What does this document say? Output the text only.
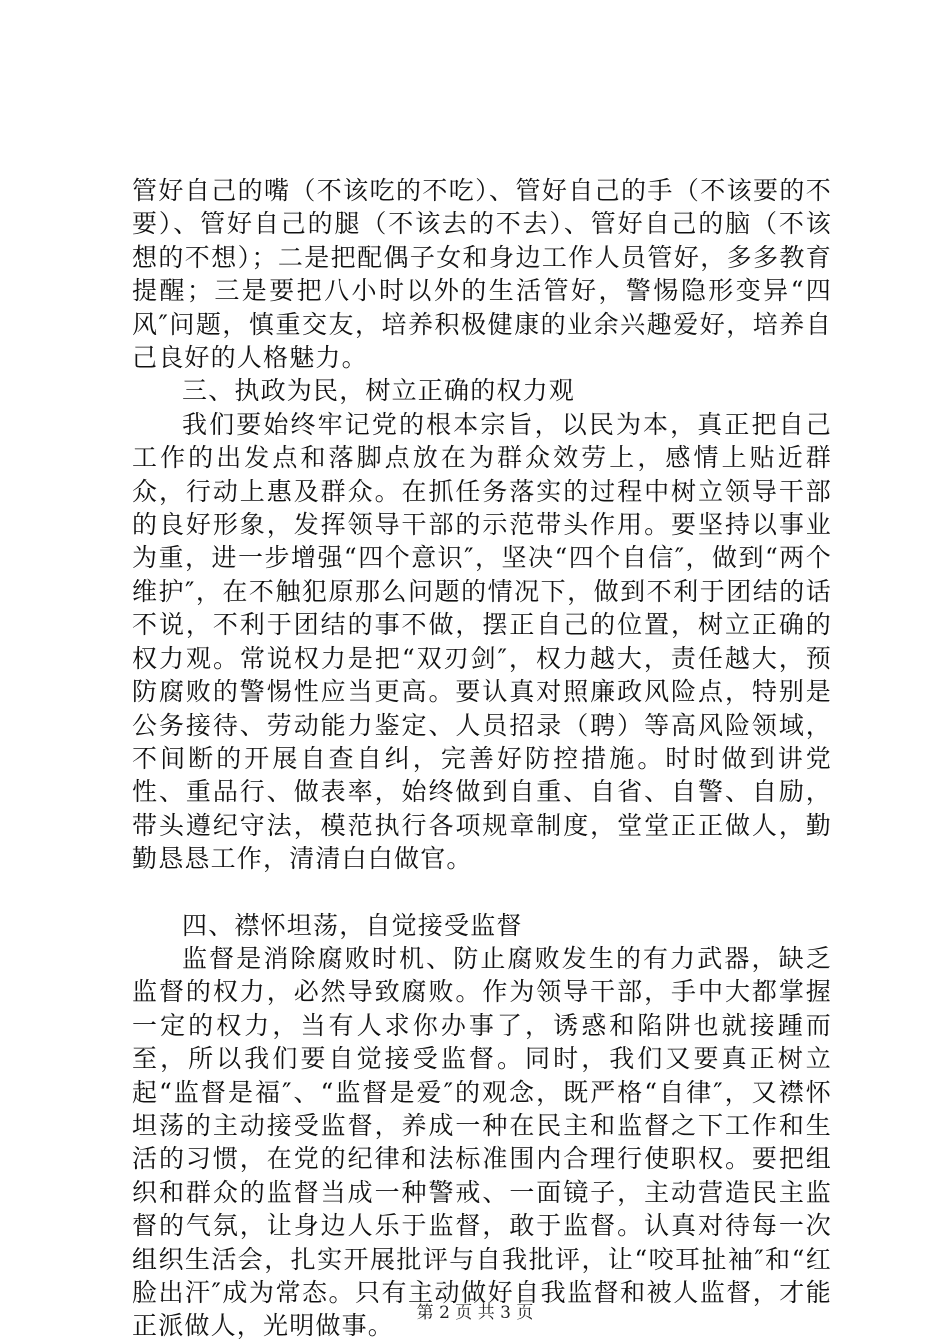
管好自己的嘴（不该吃的不吃）、管好自己的手（不该要的不要）、管好自己的腿（不该去的不去）、管好自己的脑（不该想的不想）；二是把配偶子女和身边工作人员管好，多多教育提醒；三是要把八小时以外的生活管好，警惕隐形变异“四风″问题，慎重交友，培养积极健康的业余兴趣爱好，培养自己良好的人格魅力。

三、执政为民，树立正确的权力观

我们要始终牢记党的根本宗旨，以民为本，真正把自己工作的出发点和落脚点放在为群众效劳上，感情上贴近群众，行动上惠及群众。在抓任务落实的过程中树立领导干部的良好形象，发挥领导干部的示范带头作用。要坚持以事业为重，进一步增强“四个意识″，坚决“四个自信″，做到“两个维护″，在不触犯原那么问题的情况下，做到不利于团结的话不说，不利于团结的事不做，摆正自己的位置，树立正确的权力观。常说权力是把“双刃剑″，权力越大，责任越大，预防腐败的警惕性应当更高。要认真对照廉政风险点，特别是公务接待、劳动能力鉴定、人员招录（聘）等高风险领域，不间断的开展自查自纠，完善好防控措施。时时做到讲党性、重品行、做表率，始终做到自重、自省、自警、自励，带头遵纪守法，模范执行各项规章制度，堂堂正正做人，勤勤恳恳工作，清清白白做官。

四、襟怀坦荡，自觉接受监督

监督是消除腐败时机、防止腐败发生的有力武器，缺乏监督的权力，必然导致腐败。作为领导干部，手中大都掌握一定的权力，当有人求你办事了，诱惑和陷阱也就接踵而至，所以我们要自觉接受监督。同时，我们又要真正树立起“监督是福″、“监督是爱″的观念，既严格“自律″，又襟怀坦荡的主动接受监督，养成一种在民主和监督之下工作和生活的习惯，在党的纪律和法标准围内合理行使职权。要把组织和群众的监督当成一种警戒、一面镜子，主动营造民主监督的气氛，让身边人乐于监督，敢于监督。认真对待每一次组织生活会，扎实开展批评与自我批评，让“咬耳扯袖″和“红脸出汗″成为常态。只有主动做好自我监督和被人监督，才能正派做人，光明做事。	第 2 页 共 3 页
